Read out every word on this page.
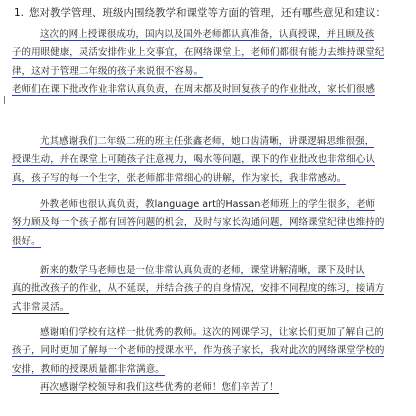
1. 您对教学管理、班级内围绕教学和课堂等方面的管理，还有哪些意见和建议：
这次的网上授课很成功，国内以及国外老师都认真准备，认真授课，并且顾及孩
子的用眼健康，灵活安排作业上交事宜，在网络课堂上，老师们都很有能力去维持课堂纪
律，这对于管理二年级的孩子来说很不容易。
老师们在课下批改作业非常认真负责，在周末都及时回复孩子的作业批改，家长们很感
尤其感谢我们二年级二班的班主任张鑫老师，她口齿清晰，讲课逻辑思维很强，
授课生动，并在课堂上可随孩子注意视力，喝水等问题，课下的作业批改也非常细心认
真，孩子写的每一个生字，张老师都非常细心的讲解，作为家长，我非常感动。
外教老师也很认真负责，教language art的Hassan老师班上的学生很多，老师
努力顾及每一个孩子都有回答问题的机会，及时与家长沟通问题，网络课堂纪律也维持的
很好。
新来的数学马老师也是一位非常认真负责的老师，课堂讲解清晰，课下及时认
真的批改孩子的作业，从不延误，并结合孩子的自身情况，安排不同程度的练习，接请方
式非常灵活。
感谢咱们学校有这样一批优秀的教师。这次的网课学习，让家长们更加了解自己的
孩子，同时更加了解每一个老师的授课水平，作为孩子家长，我对此次的网络课堂学校的
安排，教师的授课质量都非常满意。
再次感谢学校领导和我们这些优秀的老师！您们辛苦了！
